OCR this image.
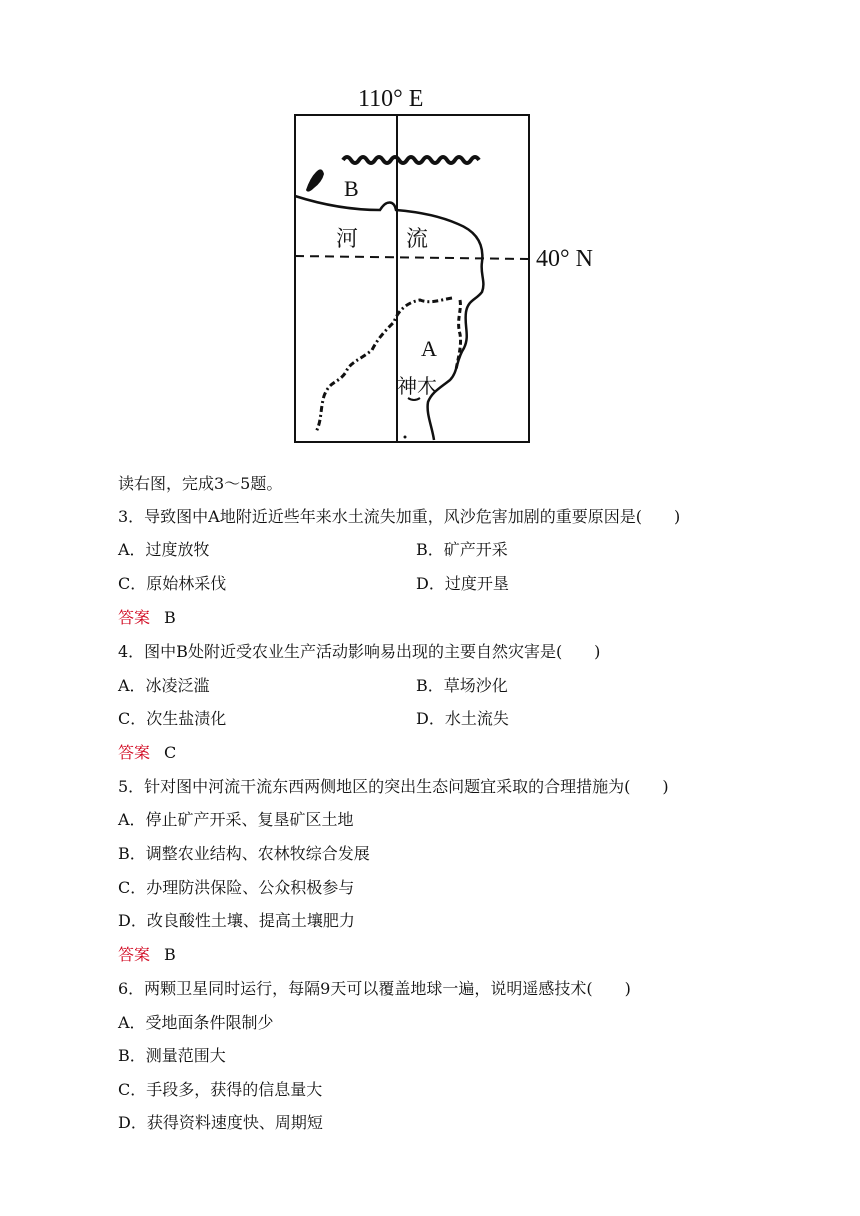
110° E
40° N
B
河 流
A
神木
读右图，完成3～5题。
3．导致图中A地附近近些年来水土流失加重，风沙危害加剧的重要原因是(　　)
A．过度放牧	B．矿产开采
C．原始林采伐	D．过度开垦
答案 B
4．图中B处附近受农业生产活动影响易出现的主要自然灾害是(　　)
A．冰凌泛滥	B．草场沙化
C．次生盐渍化	D．水土流失
答案 C
5．针对图中河流干流东西两侧地区的突出生态问题宜采取的合理措施为(　　)
A．停止矿产开采、复垦矿区土地
B．调整农业结构、农林牧综合发展
C．办理防洪保险、公众积极参与
D．改良酸性土壤、提高土壤肥力
答案 B
6．两颗卫星同时运行，每隔9天可以覆盖地球一遍，说明遥感技术(　　)
A．受地面条件限制少
B．测量范围大
C．手段多，获得的信息量大
D．获得资料速度快、周期短
